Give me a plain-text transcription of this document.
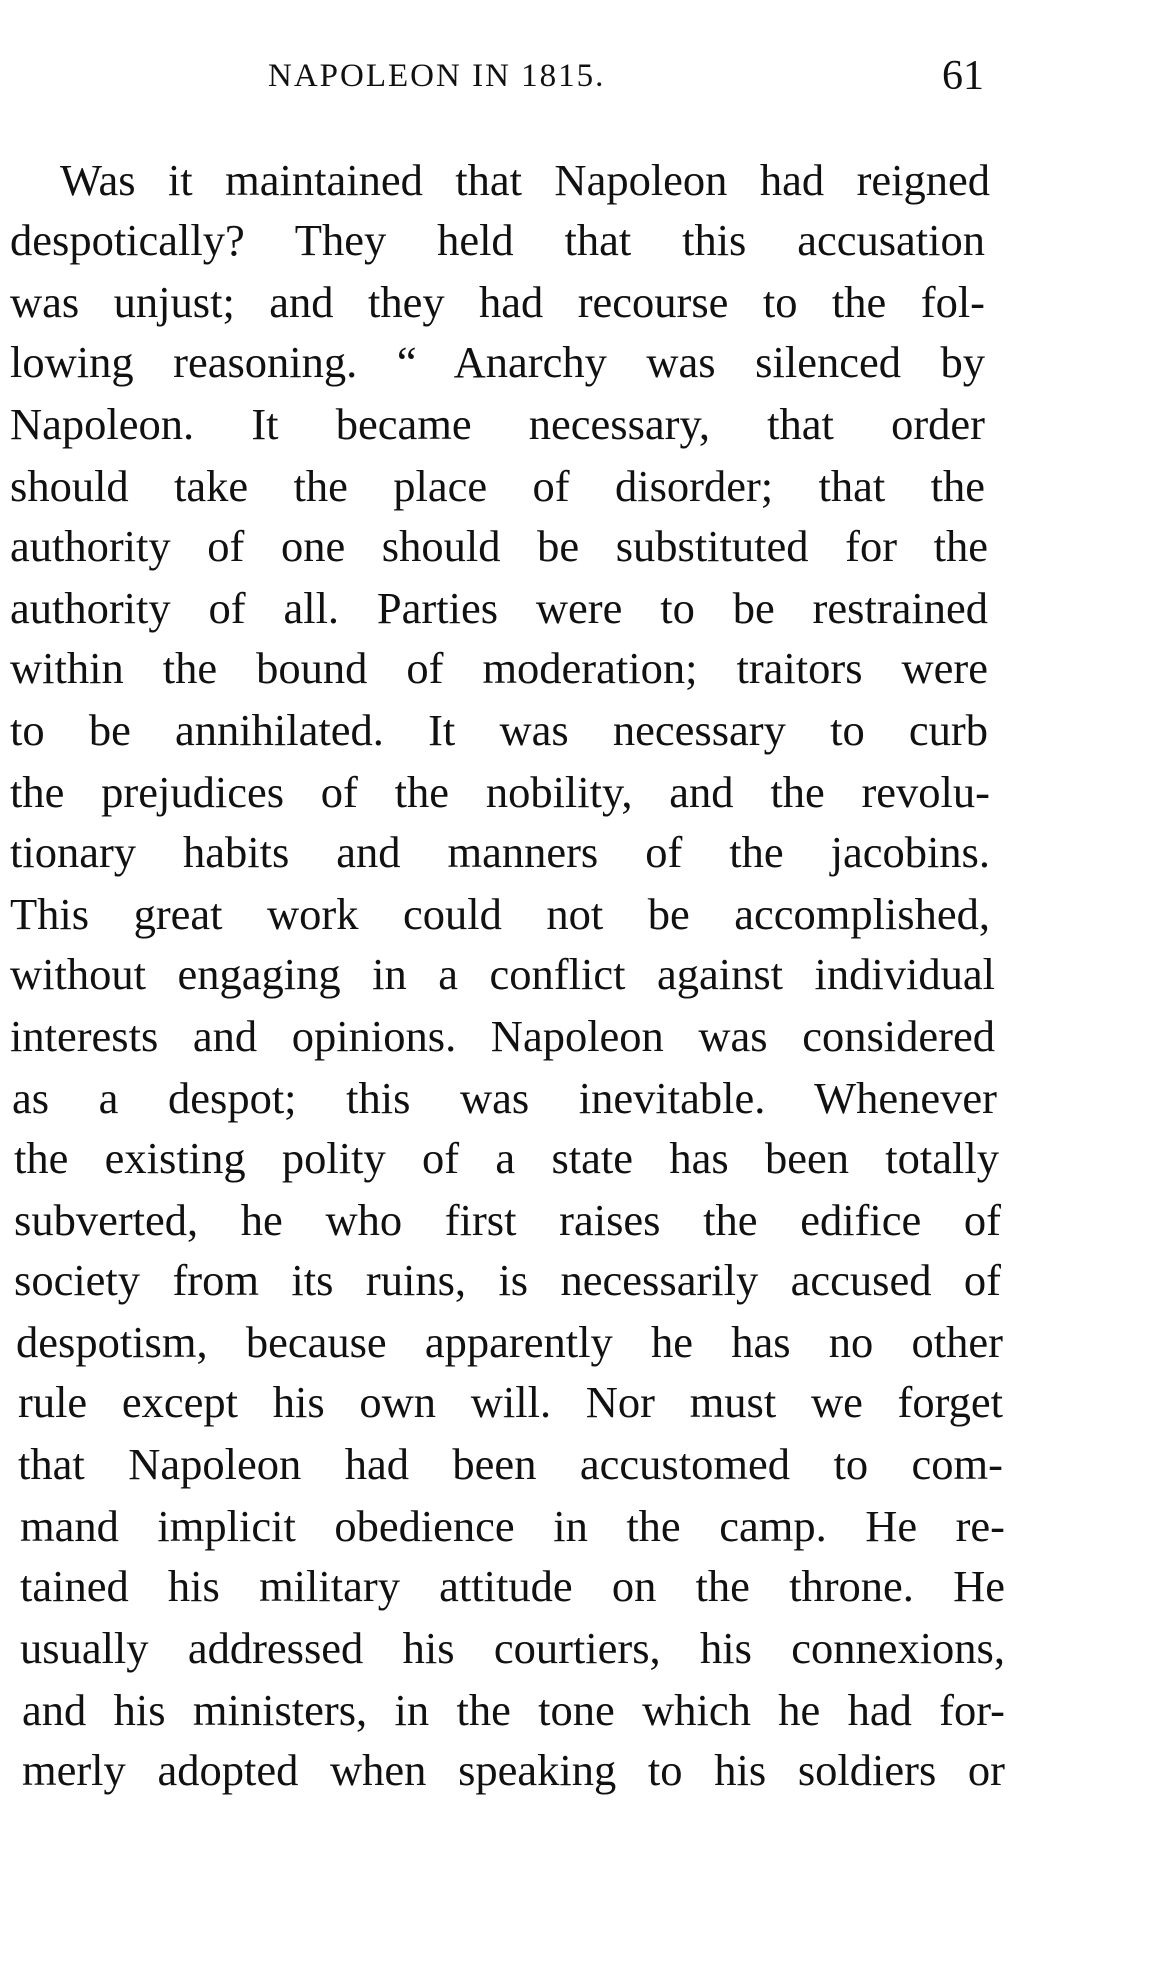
NAPOLEON IN 1815.	61
Was it maintained that Napoleon had reigned
despotically? They held that this accusation
was unjust; and they had recourse to the fol-
lowing reasoning. “ Anarchy was silenced by
Napoleon. It became necessary, that order
should take the place of disorder; that the
authority of one should be substituted for the
authority of all. Parties were to be restrained
within the bound of moderation; traitors were
to be annihilated. It was necessary to curb
the prejudices of the nobility, and the revolu-
tionary habits and manners of the jacobins.
This great work could not be accomplished,
without engaging in a conflict against individual
interests and opinions. Napoleon was considered
as a despot; this was inevitable. Whenever
the existing polity of a state has been totally
subverted, he who first raises the edifice of
society from its ruins, is necessarily accused of
despotism, because apparently he has no other
rule except his own will. Nor must we forget
that Napoleon had been accustomed to com-
mand implicit obedience in the camp. He re-
tained his military attitude on the throne. He
usually addressed his courtiers, his connexions,
and his ministers, in the tone which he had for-
merly adopted when speaking to his soldiers or
